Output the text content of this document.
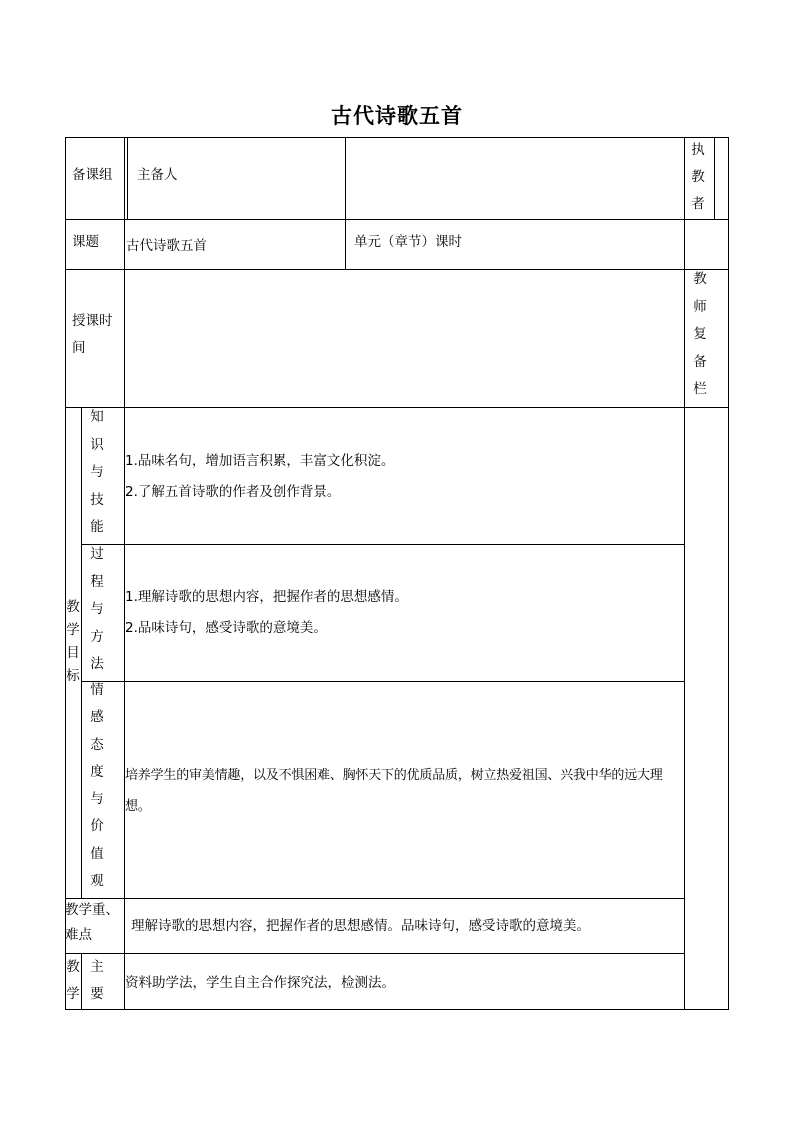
古代诗歌五首
备课组 主备人
执
教
者
课题 古代诗歌五首	单元（章节）课时
授课时
间
教
师
复
备
栏
教
学
目
标
知
识
与
技
能
1.品味名句，增加语言积累，丰富文化积淀。
2.了解五首诗歌的作者及创作背景。
过
程
与
方
法
1.理解诗歌的思想内容，把握作者的思想感情。
2.品味诗句，感受诗歌的意境美。
情
感
态
度
与
价
值
观
培养学生的审美情趣，以及不惧困难、胸怀天下的优质品质，树立热爱祖国、兴我中华的远大理想。
教学重、
难点
理解诗歌的思想内容，把握作者的思想感情。品味诗句，感受诗歌的意境美。
教
学
主
要
资料助学法，学生自主合作探究法，检测法。
